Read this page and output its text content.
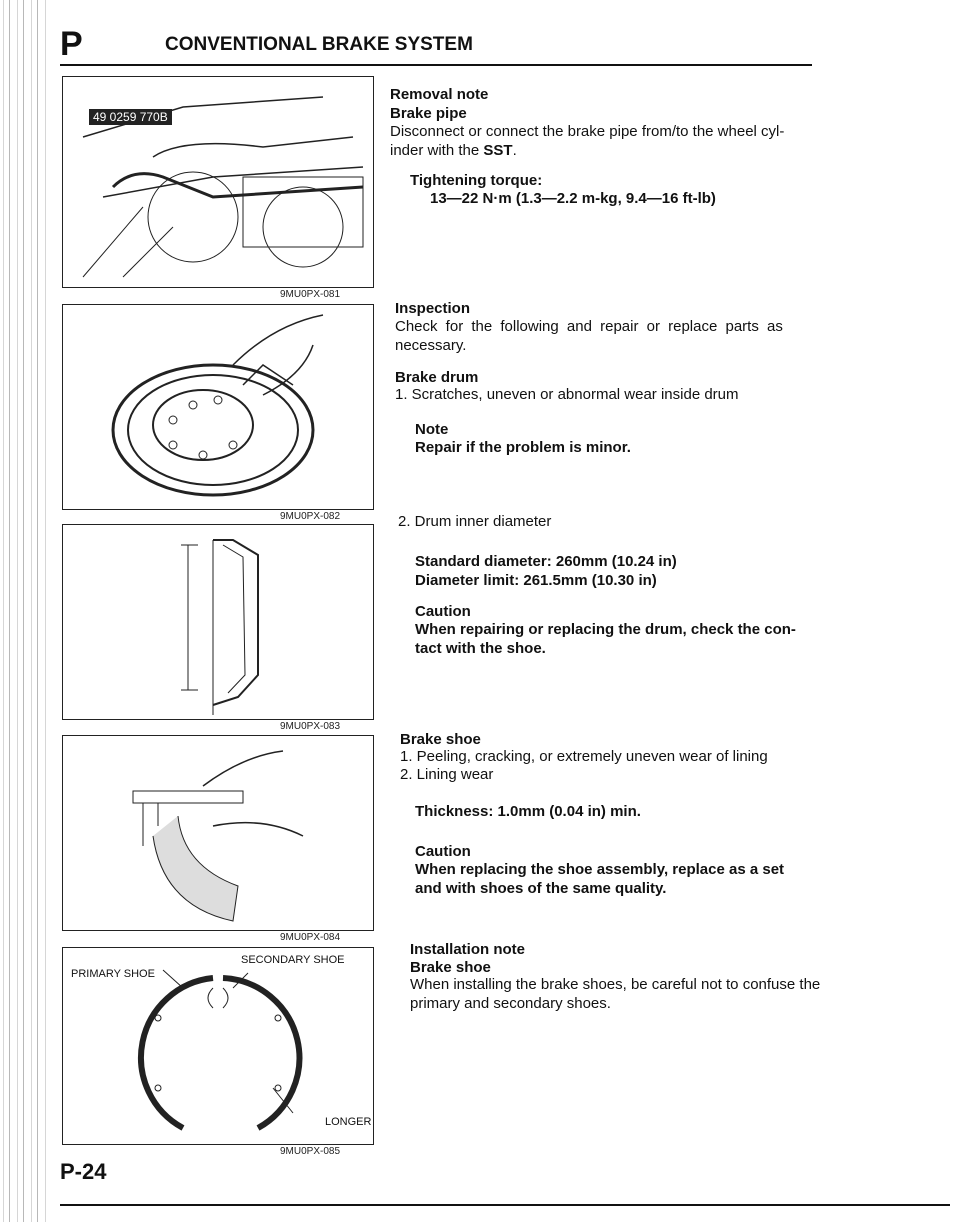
P	CONVENTIONAL BRAKE SYSTEM
49 0259 770B
9MU0PX-081
9MU0PX-082
9MU0PX-083
9MU0PX-084
PRIMARY SHOE
SECONDARY SHOE
LONGER
9MU0PX-085
Removal note
Brake pipe
Disconnect or connect the brake pipe from/to the wheel cyl-
inder with the SST.
Tightening torque:
13—22 N·m (1.3—2.2 m-kg, 9.4—16 ft-lb)
Inspection
Check for the following and repair or replace parts as
necessary.
Brake drum
1. Scratches, uneven or abnormal wear inside drum
Note
Repair if the problem is minor.
2. Drum inner diameter
Standard diameter: 260mm (10.24 in)
Diameter limit: 261.5mm (10.30 in)
Caution
When repairing or replacing the drum, check the con-
tact with the shoe.
Brake shoe
1. Peeling, cracking, or extremely uneven wear of lining
2. Lining wear
Thickness: 1.0mm (0.04 in) min.
Caution
When replacing the shoe assembly, replace as a set
and with shoes of the same quality.
Installation note
Brake shoe
When installing the brake shoes, be careful not to confuse the
primary and secondary shoes.
P-24
